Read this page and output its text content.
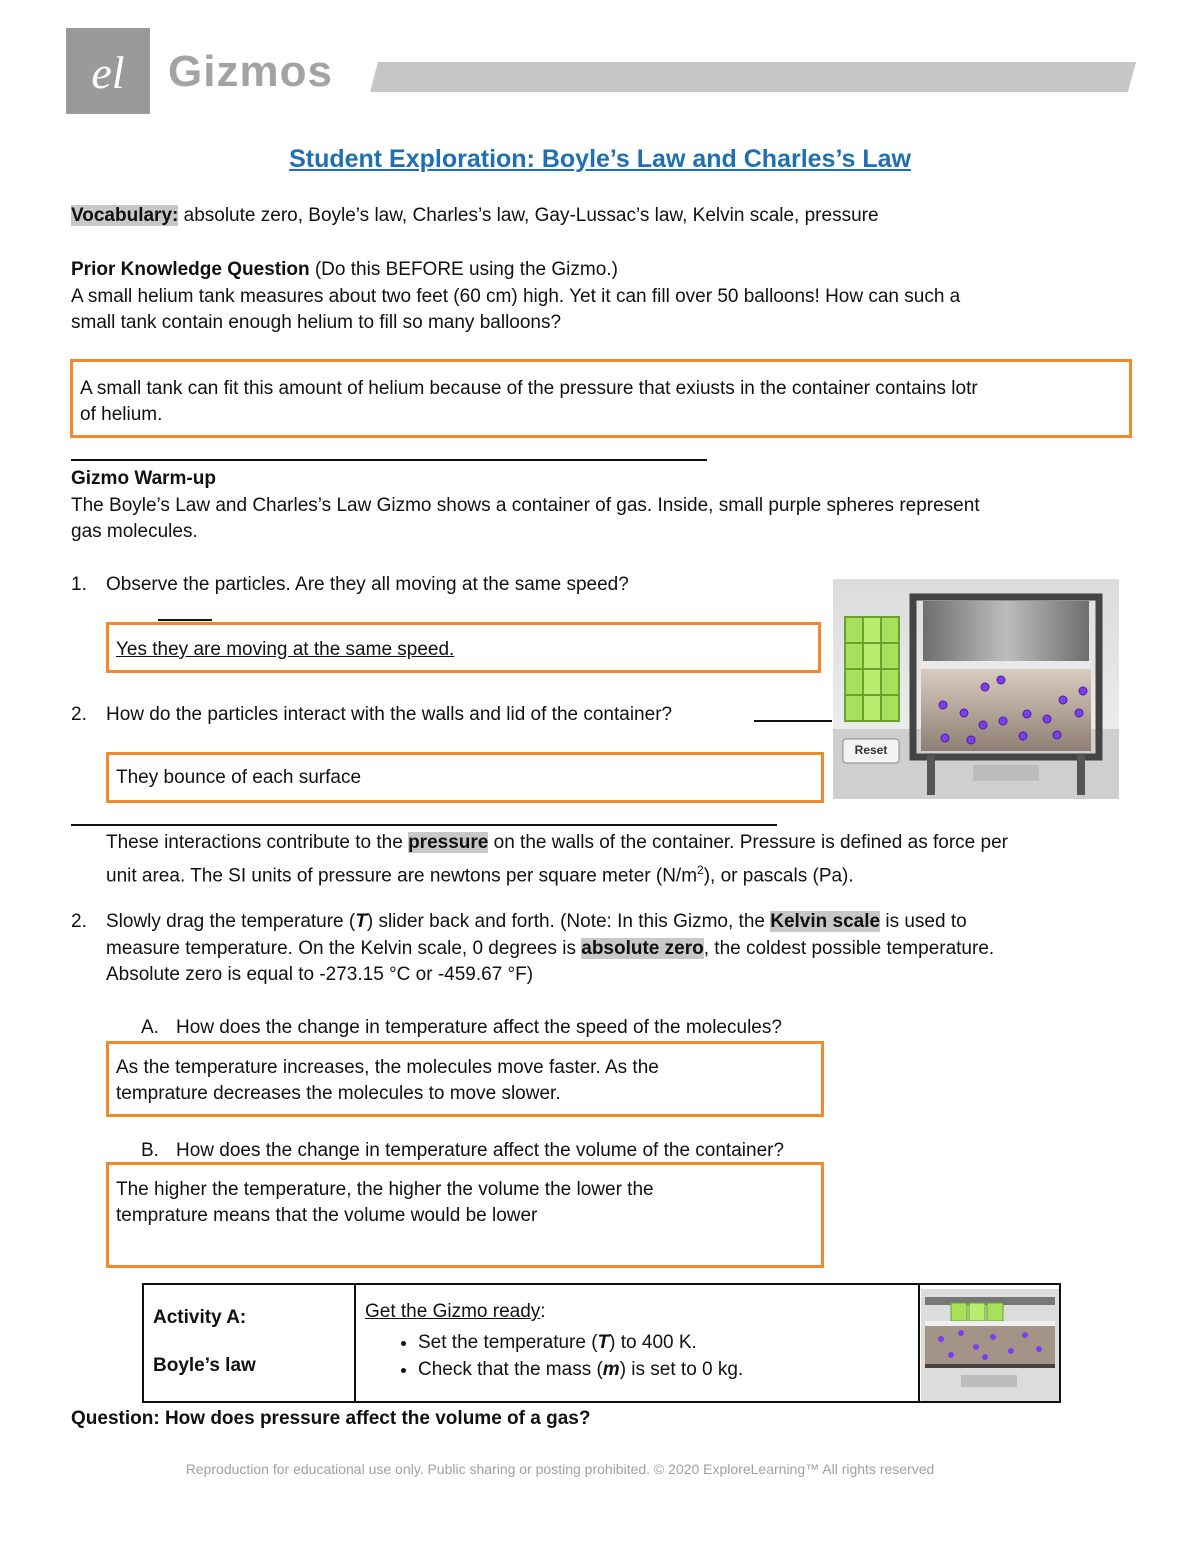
el Gizmos
Student Exploration: Boyle’s Law and Charles’s Law
Vocabulary: absolute zero, Boyle’s law, Charles’s law, Gay-Lussac’s law, Kelvin scale, pressure
Prior Knowledge Question (Do this BEFORE using the Gizmo.)
A small helium tank measures about two feet (60 cm) high. Yet it can fill over 50 balloons! How can such a
small tank contain enough helium to fill so many balloons?
A small tank can fit this amount of helium because of the pressure that exiusts in the container contains lotr
of helium.
Gizmo Warm-up
The Boyle’s Law and Charles’s Law Gizmo shows a container of gas. Inside, small purple spheres represent
gas molecules.
1. Observe the particles. Are they all moving at the same speed?
Yes they are moving at the same speed.
2. How do the particles interact with the walls and lid of the container?
They bounce of each surface
Reset
These interactions contribute to the pressure on the walls of the container. Pressure is defined as force per
unit area. The SI units of pressure are newtons per square meter $(N/m^2)$, or pascals (Pa).
2. Slowly drag the temperature (T) slider back and forth. (Note: In this Gizmo, the Kelvin scale is used to
measure temperature. On the Kelvin scale, 0 degrees is absolute zero, the coldest possible temperature.
Absolute zero is equal to -273.15 °C or -459.67 °F)
A. How does the change in temperature affect the speed of the molecules?
As the temperature increases, the molecules move faster. As the
temprature decreases the molecules to move slower.
B. How does the change in temperature affect the volume of the container?
The higher the temperature, the higher the volume the lower the
temprature means that the volume would be lower
Activity A:
Boyle’s law

Get the Gizmo ready:
• Set the temperature (T) to 400 K.
• Check that the mass (m) is set to 0 kg.

Question: How does pressure affect the volume of a gas?
Reproduction for educational use only. Public sharing or posting prohibited. © 2020 ExploreLearning™ All rights reserved
